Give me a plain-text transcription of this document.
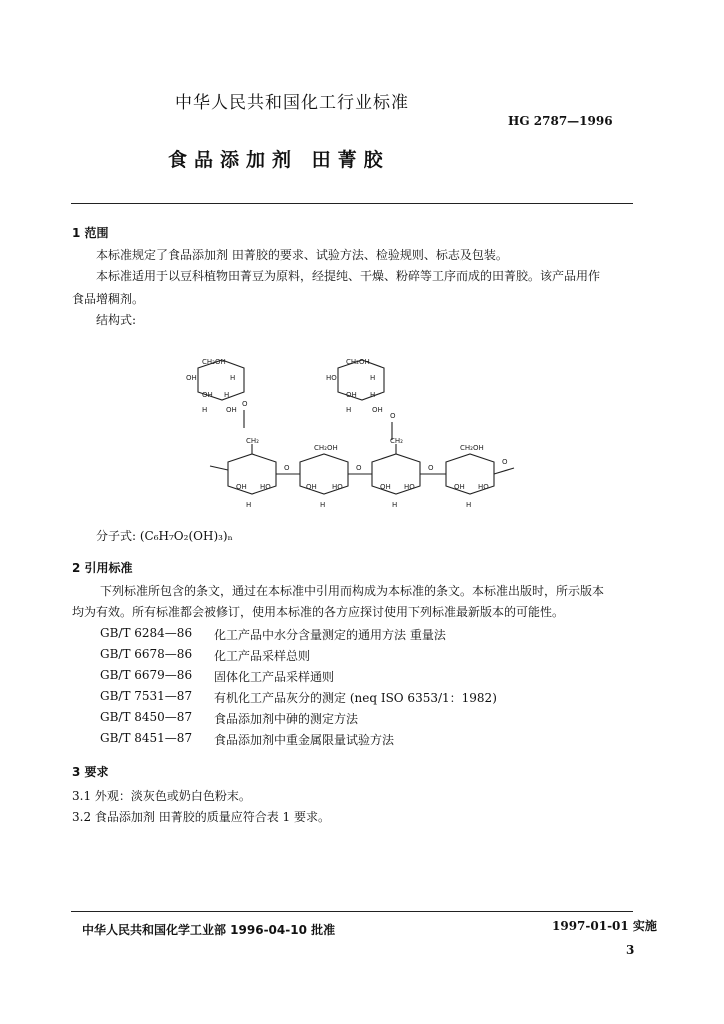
中华人民共和国化工行业标准
HG 2787—1996
食品添加剂 田菁胶
1 范围
本标准规定了食品添加剂 田菁胶的要求、试验方法、检验规则、标志及包装。
本标准适用于以豆科植物田菁豆为原料，经提纯、干燥、粉碎等工序而成的田菁胶。该产品用作
食品增稠剂。
结构式:
CH₂OH
OH	H
OH H
H	OH
O
CH₂OH
HO	H
OH H
H	OH
O
CH₂
CH₂OH
CH₂
CH₂OH
O	O	O
O
OH HO	OH HO	OH HO	OH HO
H	H	H	H
分子式: (C₆H₇O₂(OH)₃)ₙ
2 引用标准
下列标准所包含的条文，通过在本标准中引用而构成为本标准的条文。本标准出版时，所示版本
均为有效。所有标准都会被修订，使用本标准的各方应探讨使用下列标准最新版本的可能性。
GB/T 6284—86 化工产品中水分含量测定的通用方法 重量法
GB/T 6678—86 化工产品采样总则
GB/T 6679—86 固体化工产品采样通则
GB/T 7531—87 有机化工产品灰分的测定 (neq ISO 6353/1：1982)
GB/T 8450—87 食品添加剂中砷的测定方法
GB/T 8451—87 食品添加剂中重金属限量试验方法
3 要求
3.1 外观：淡灰色或奶白色粉末。
3.2 食品添加剂 田菁胶的质量应符合表 1 要求。
中华人民共和国化学工业部 1996-04-10 批准	1997-01-01 实施
3
